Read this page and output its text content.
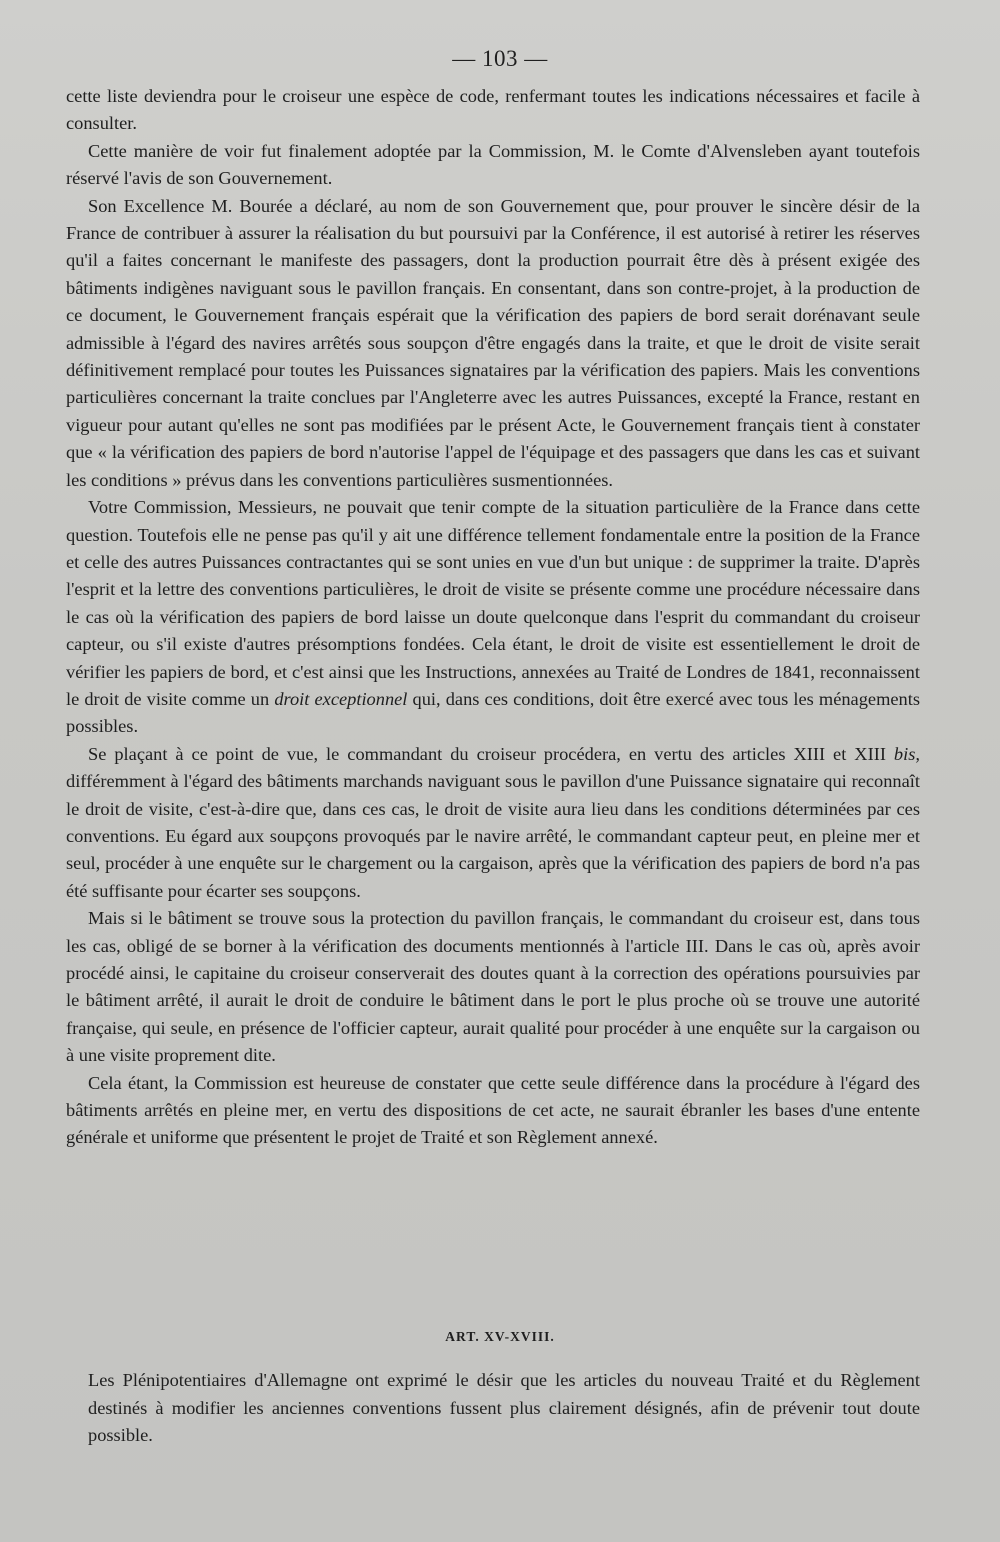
— 103 —

cette liste deviendra pour le croiseur une espèce de code, renfermant toutes les indications nécessaires et facile à consulter.

Cette manière de voir fut finalement adoptée par la Commission, M. le Comte d'Alvensleben ayant toutefois réservé l'avis de son Gouvernement.

Son Excellence M. Bourée a déclaré, au nom de son Gouvernement que, pour prouver le sincère désir de la France de contribuer à assurer la réalisation du but poursuivi par la Conférence, il est autorisé à retirer les réserves qu'il a faites concernant le manifeste des passagers, dont la production pourrait être dès à présent exigée des bâtiments indigènes naviguant sous le pavillon français. En consentant, dans son contre-projet, à la production de ce document, le Gouvernement français espérait que la vérification des papiers de bord serait dorénavant seule admissible à l'égard des navires arrêtés sous soupçon d'être engagés dans la traite, et que le droit de visite serait définitivement remplacé pour toutes les Puissances signataires par la vérification des papiers. Mais les conventions particulières concernant la traite conclues par l'Angleterre avec les autres Puissances, excepté la France, restant en vigueur pour autant qu'elles ne sont pas modifiées par le présent Acte, le Gouvernement français tient à constater que « la vérification des papiers de bord n'autorise l'appel de l'équipage et des passagers que dans les cas et suivant les conditions » prévus dans les conventions particulières susmentionnées.

Votre Commission, Messieurs, ne pouvait que tenir compte de la situation particulière de la France dans cette question. Toutefois elle ne pense pas qu'il y ait une différence tellement fondamentale entre la position de la France et celle des autres Puissances contractantes qui se sont unies en vue d'un but unique : de supprimer la traite. D'après l'esprit et la lettre des conventions particulières, le droit de visite se présente comme une procédure nécessaire dans le cas où la vérification des papiers de bord laisse un doute quelconque dans l'esprit du commandant du croiseur capteur, ou s'il existe d'autres présomptions fondées. Cela étant, le droit de visite est essentiellement le droit de vérifier les papiers de bord, et c'est ainsi que les Instructions, annexées au Traité de Londres de 1841, reconnaissent le droit de visite comme un droit exceptionnel qui, dans ces conditions, doit être exercé avec tous les ménagements possibles.

Se plaçant à ce point de vue, le commandant du croiseur procédera, en vertu des articles XIII et XIII bis, différemment à l'égard des bâtiments marchands naviguant sous le pavillon d'une Puissance signataire qui reconnaît le droit de visite, c'est-à-dire que, dans ces cas, le droit de visite aura lieu dans les conditions déterminées par ces conventions. Eu égard aux soupçons provoqués par le navire arrêté, le commandant capteur peut, en pleine mer et seul, procéder à une enquête sur le chargement ou la cargaison, après que la vérification des papiers de bord n'a pas été suffisante pour écarter ses soupçons.

Mais si le bâtiment se trouve sous la protection du pavillon français, le commandant du croiseur est, dans tous les cas, obligé de se borner à la vérification des documents mentionnés à l'article III. Dans le cas où, après avoir procédé ainsi, le capitaine du croiseur conserverait des doutes quant à la correction des opérations poursuivies par le bâtiment arrêté, il aurait le droit de conduire le bâtiment dans le port le plus proche où se trouve une autorité française, qui seule, en présence de l'officier capteur, aurait qualité pour procéder à une enquête sur la cargaison ou à une visite proprement dite.

Cela étant, la Commission est heureuse de constater que cette seule différence dans la procédure à l'égard des bâtiments arrêtés en pleine mer, en vertu des dispositions de cet acte, ne saurait ébranler les bases d'une entente générale et uniforme que présentent le projet de Traité et son Règlement annexé.

ART. XV-XVIII.

Les Plénipotentiaires d'Allemagne ont exprimé le désir que les articles du nouveau Traité et du Règlement destinés à modifier les anciennes conventions fussent plus clairement désignés, afin de prévenir tout doute possible.
